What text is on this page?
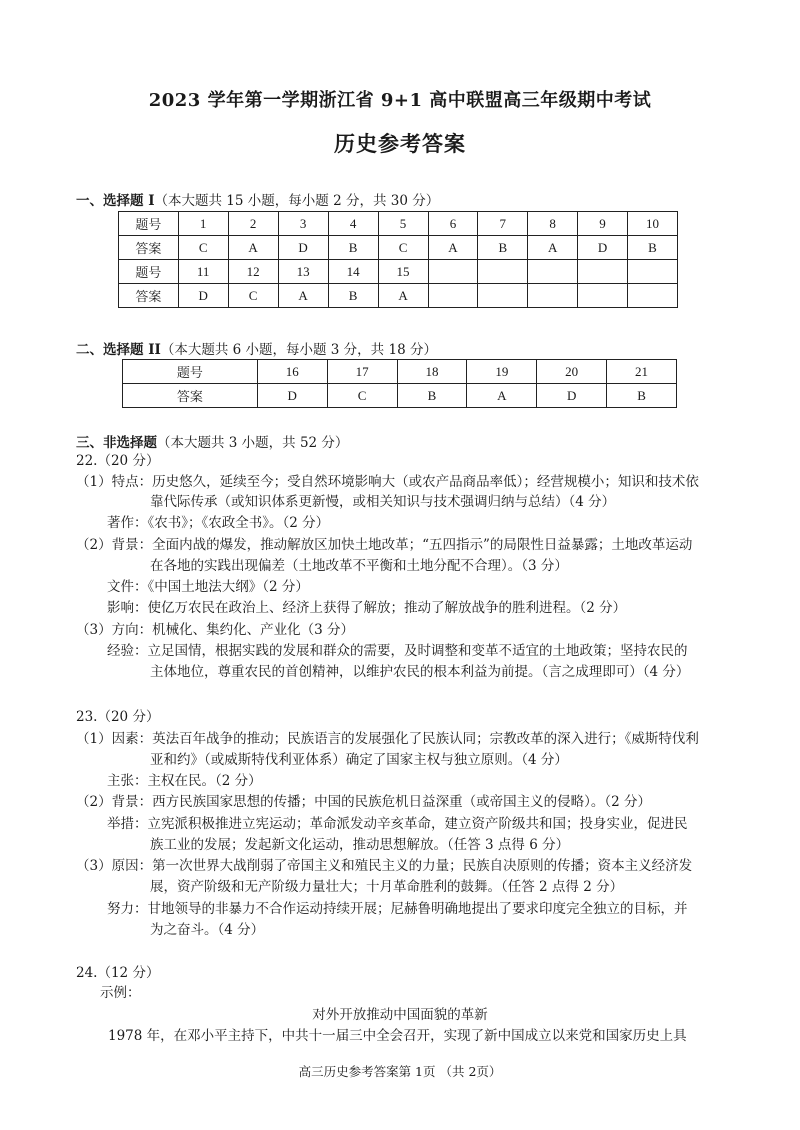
2023 学年第一学期浙江省 9+1 高中联盟高三年级期中考试
历史参考答案
一、选择题 I（本大题共 15 小题，每小题 2 分，共 30 分）
题号	1	2	3	4	5	6	7	8	9	10
答案	C	A	D	B	C	A	B	A	D	B
题号	11	12	13	14	15					
答案	D	C	A	B	A					
二、选择题 II（本大题共 6 小题，每小题 3 分，共 18 分）
题号	16	17	18	19	20	21
答案	D	C	B	A	D	B
三、非选择题（本大题共 3 小题，共 52 分）
22.（20 分）
（1）特点：历史悠久，延续至今；受自然环境影响大（或农产品商品率低）；经营规模小；知识和技术依
靠代际传承（或知识体系更新慢，或相关知识与技术强调归纳与总结）（4 分）
著作：《农书》；《农政全书》。（2 分）
（2）背景：全面内战的爆发，推动解放区加快土地改革；“五四指示”的局限性日益暴露；土地改革运动
在各地的实践出现偏差（土地改革不平衡和土地分配不合理）。（3 分）
文件：《中国土地法大纲》（2 分）
影响：使亿万农民在政治上、经济上获得了解放；推动了解放战争的胜利进程。（2 分）
（3）方向：机械化、集约化、产业化（3 分）
经验：立足国情，根据实践的发展和群众的需要，及时调整和变革不适宜的土地政策；坚持农民的
主体地位，尊重农民的首创精神，以维护农民的根本利益为前提。（言之成理即可）（4 分）
23.（20 分）
（1）因素：英法百年战争的推动；民族语言的发展强化了民族认同；宗教改革的深入进行；《威斯特伐利
亚和约》（或威斯特伐利亚体系）确定了国家主权与独立原则。（4 分）
主张：主权在民。（2 分）
（2）背景：西方民族国家思想的传播；中国的民族危机日益深重（或帝国主义的侵略）。（2 分）
举措：立宪派积极推进立宪运动；革命派发动辛亥革命，建立资产阶级共和国；投身实业，促进民
族工业的发展；发起新文化运动，推动思想解放。（任答 3 点得 6 分）
（3）原因：第一次世界大战削弱了帝国主义和殖民主义的力量；民族自决原则的传播；资本主义经济发
展，资产阶级和无产阶级力量壮大；十月革命胜利的鼓舞。（任答 2 点得 2 分）
努力：甘地领导的非暴力不合作运动持续开展；尼赫鲁明确地提出了要求印度完全独立的目标，并
为之奋斗。（4 分）
24.（12 分）
示例：
对外开放推动中国面貌的革新
1978 年，在邓小平主持下，中共十一届三中全会召开，实现了新中国成立以来党和国家历史上具
高三历史参考答案第 1页 （共 2页）
